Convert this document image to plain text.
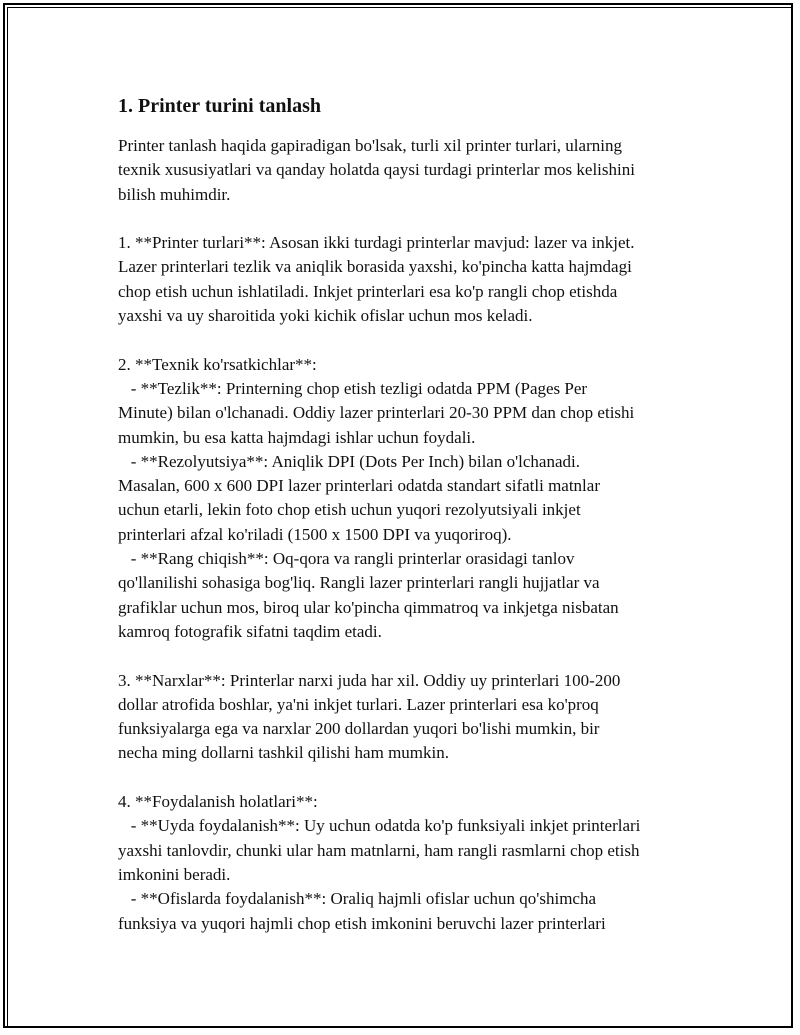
1. Printer turini tanlash
Printer tanlash haqida gapiradigan bo'lsak, turli xil printer turlari, ularning
texnik xususiyatlari va qanday holatda qaysi turdagi printerlar mos kelishini
bilish muhimdir.
1. **Printer turlari**: Asosan ikki turdagi printerlar mavjud: lazer va inkjet.
Lazer printerlari tezlik va aniqlik borasida yaxshi, ko'pincha katta hajmdagi
chop etish uchun ishlatiladi. Inkjet printerlari esa ko'p rangli chop etishda
yaxshi va uy sharoitida yoki kichik ofislar uchun mos keladi.
2. **Texnik ko'rsatkichlar**:
- **Tezlik**: Printerning chop etish tezligi odatda PPM (Pages Per
Minute) bilan o'lchanadi. Oddiy lazer printerlari 20-30 PPM dan chop etishi
mumkin, bu esa katta hajmdagi ishlar uchun foydali.
- **Rezolyutsiya**: Aniqlik DPI (Dots Per Inch) bilan o'lchanadi.
Masalan, 600 x 600 DPI lazer printerlari odatda standart sifatli matnlar
uchun etarli, lekin foto chop etish uchun yuqori rezolyutsiyali inkjet
printerlari afzal ko'riladi (1500 x 1500 DPI va yuqoriroq).
- **Rang chiqish**: Oq-qora va rangli printerlar orasidagi tanlov
qo'llanilishi sohasiga bog'liq. Rangli lazer printerlari rangli hujjatlar va
grafiklar uchun mos, biroq ular ko'pincha qimmatroq va inkjetga nisbatan
kamroq fotografik sifatni taqdim etadi.
3. **Narxlar**: Printerlar narxi juda har xil. Oddiy uy printerlari 100-200
dollar atrofida boshlar, ya'ni inkjet turlari. Lazer printerlari esa ko'proq
funksiyalarga ega va narxlar 200 dollardan yuqori bo'lishi mumkin, bir
necha ming dollarni tashkil qilishi ham mumkin.
4. **Foydalanish holatlari**:
- **Uyda foydalanish**: Uy uchun odatda ko'p funksiyali inkjet printerlari
yaxshi tanlovdir, chunki ular ham matnlarni, ham rangli rasmlarni chop etish
imkonini beradi.
- **Ofislarda foydalanish**: Oraliq hajmli ofislar uchun qo'shimcha
funksiya va yuqori hajmli chop etish imkonini beruvchi lazer printerlari
